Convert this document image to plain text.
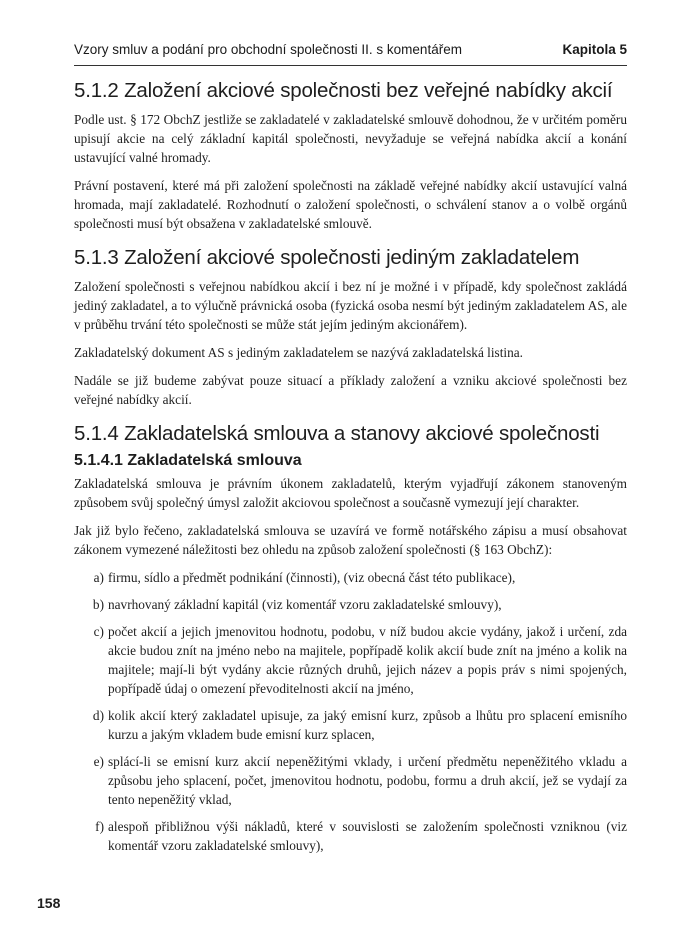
Vzory smluv a podání pro obchodní společnosti II. s komentářem	Kapitola 5
5.1.2 Založení akciové společnosti bez veřejné nabídky akcií

Podle ust. § 172 ObchZ jestliže se zakladatelé v zakladatelské smlouvě dohodnou, že v určitém poměru upisují akcie na celý základní kapitál společnosti, nevyžaduje se veřejná nabídka akcií a konání ustavující valné hromady.

Právní postavení, které má při založení společnosti na základě veřejné nabídky akcií ustavující valná hromada, mají zakladatelé. Rozhodnutí o založení společnosti, o schválení stanov a o volbě orgánů společnosti musí být obsažena v zakladatelské smlouvě.

5.1.3 Založení akciové společnosti jediným zakladatelem

Založení společnosti s veřejnou nabídkou akcií i bez ní je možné i v případě, kdy společnost zakládá jediný zakladatel, a to výlučně právnická osoba (fyzická osoba nesmí být jediným zakladatelem AS, ale v průběhu trvání této společnosti se může stát jejím jediným akcionářem).

Zakladatelský dokument AS s jediným zakladatelem se nazývá zakladatelská listina.

Nadále se již budeme zabývat pouze situací a příklady založení a vzniku akciové společnosti bez veřejné nabídky akcií.

5.1.4 Zakladatelská smlouva a stanovy akciové společnosti
5.1.4.1 Zakladatelská smlouva

Zakladatelská smlouva je právním úkonem zakladatelů, kterým vyjadřují zákonem stanoveným způsobem svůj společný úmysl založit akciovou společnost a současně vymezují její charakter.

Jak již bylo řečeno, zakladatelská smlouva se uzavírá ve formě notářského zápisu a musí obsahovat zákonem vymezené náležitosti bez ohledu na způsob založení společnosti (§ 163 ObchZ):

a) firmu, sídlo a předmět podnikání (činnosti), (viz obecná část této publikace),
b) navrhovaný základní kapitál (viz komentář vzoru zakladatelské smlouvy),
c) počet akcií a jejich jmenovitou hodnotu, podobu, v níž budou akcie vydány, jakož i určení, zda akcie budou znít na jméno nebo na majitele, popřípadě kolik akcií bude znít na jméno a kolik na majitele; mají-li být vydány akcie různých druhů, jejich název a popis práv s nimi spojených, popřípadě údaj o omezení převoditelnosti akcií na jméno,
d) kolik akcií který zakladatel upisuje, za jaký emisní kurz, způsob a lhůtu pro splacení emisního kurzu a jakým vkladem bude emisní kurz splacen,
e) splácí-li se emisní kurz akcií nepeněžitými vklady, i určení předmětu nepeněžitého vkladu a způsobu jeho splacení, počet, jmenovitou hodnotu, podobu, formu a druh akcií, jež se vydají za tento nepeněžitý vklad,
f) alespoň přibližnou výši nákladů, které v souvislosti se založením společnosti vzniknou (viz komentář vzoru zakladatelské smlouvy),
158
